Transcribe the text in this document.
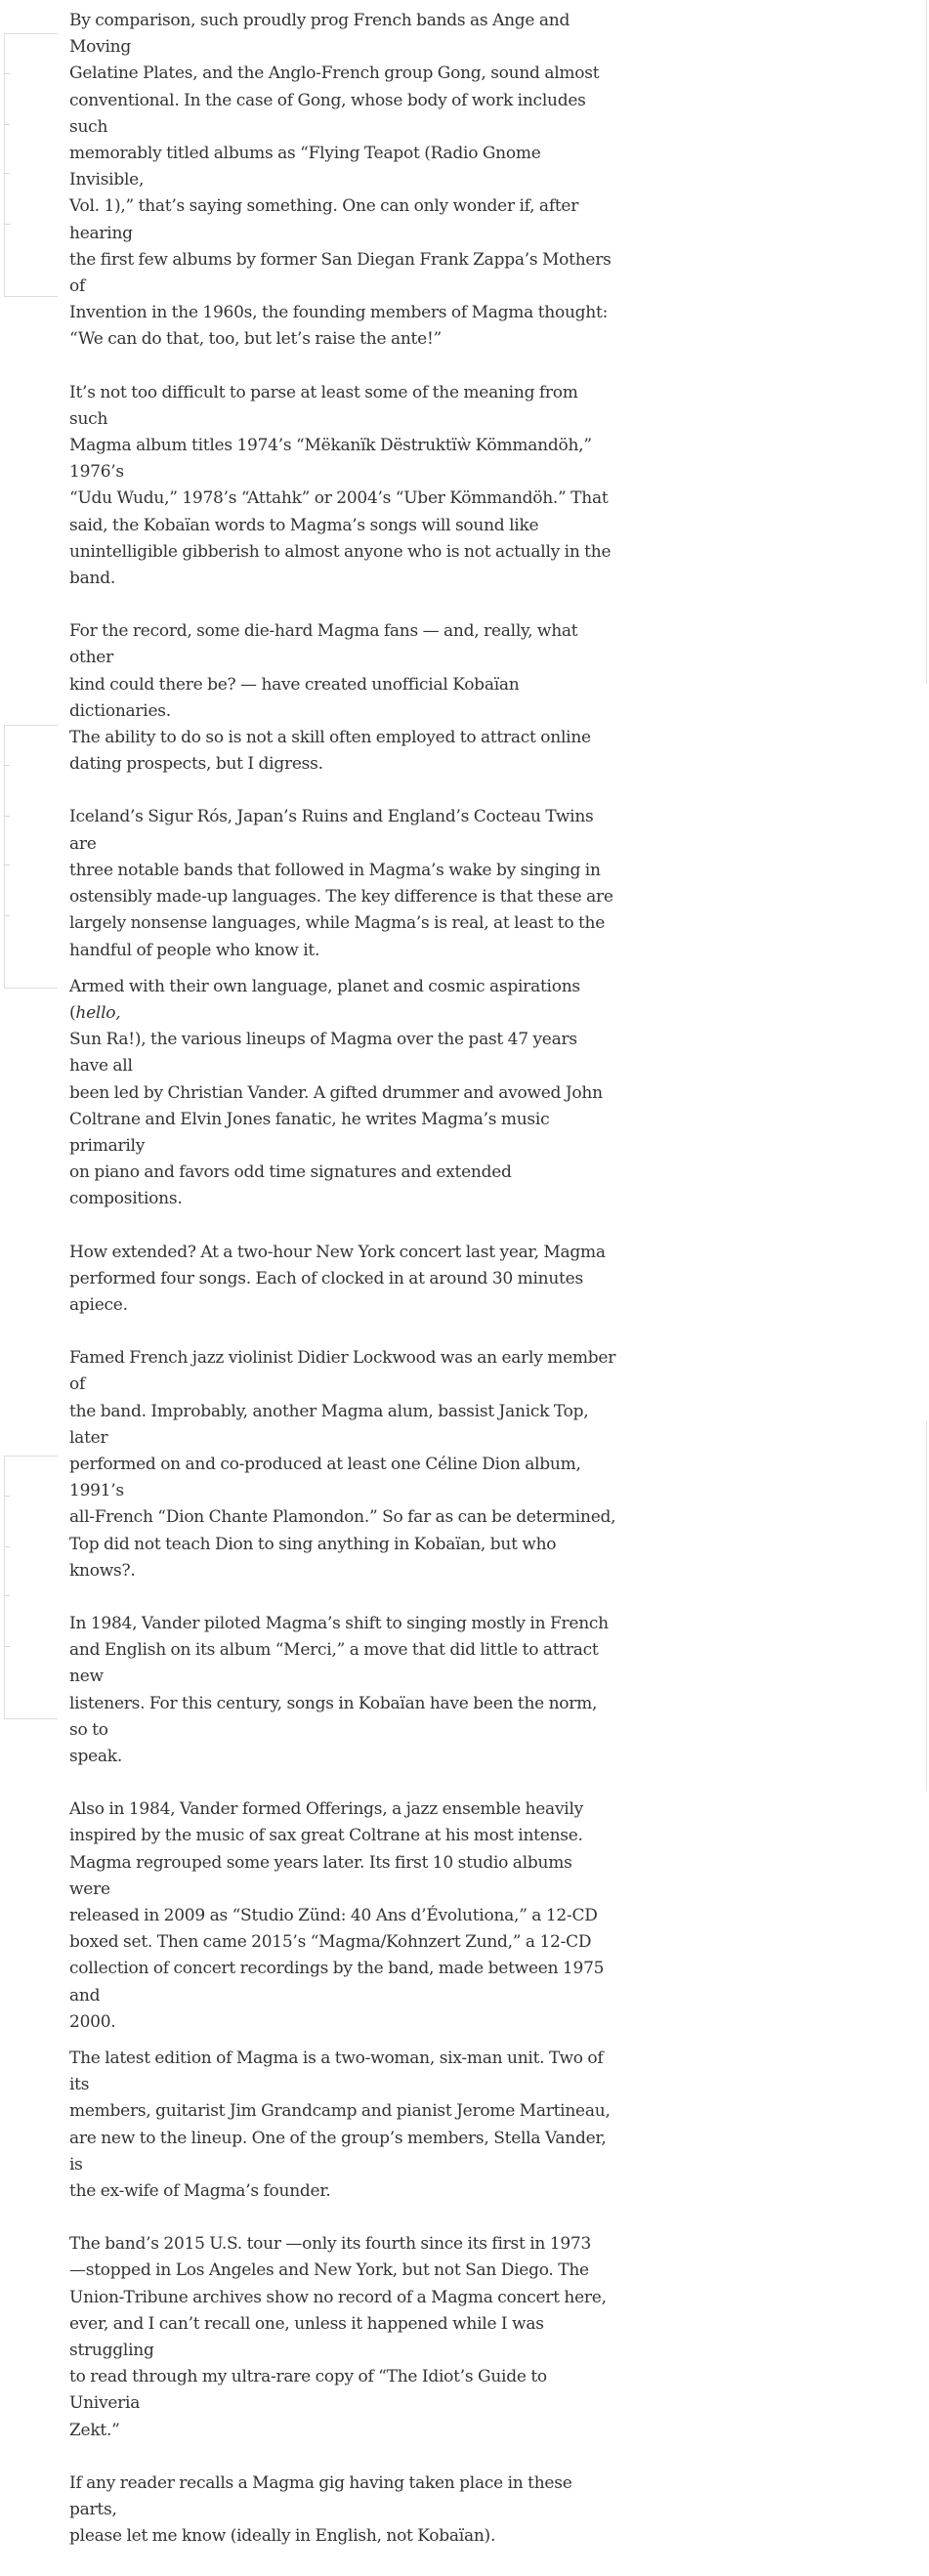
By comparison, such proudly prog French bands as Ange and Moving
Gelatine Plates, and the Anglo-French group Gong, sound almost
conventional. In the case of Gong, whose body of work includes such
memorably titled albums as “Flying Teapot (Radio Gnome Invisible,
Vol. 1),” that’s saying something. One can only wonder if, after hearing
the first few albums by former San Diegan Frank Zappa’s Mothers of
Invention in the 1960s, the founding members of Magma thought:
“We can do that, too, but let’s raise the ante!”

It’s not too difficult to parse at least some of the meaning from such
Magma album titles 1974’s “Mëkanïk Dëstruktïẁ Kömmandöh,” 1976’s
“Udu Wudu,” 1978’s “Attahk” or 2004’s “Uber Kömmandöh.” That
said, the Kobaïan words to Magma’s songs will sound like
unintelligible gibberish to almost anyone who is not actually in the
band.

For the record, some die-hard Magma fans — and, really, what other
kind could there be? — have created unofficial Kobaïan dictionaries.
The ability to do so is not a skill often employed to attract online
dating prospects, but I digress.

Iceland’s Sigur Rós, Japan’s Ruins and England’s Cocteau Twins are
three notable bands that followed in Magma’s wake by singing in
ostensibly made-up languages. The key difference is that these are
largely nonsense languages, while Magma’s is real, at least to the
handful of people who know it.

Armed with their own language, planet and cosmic aspirations (hello,
Sun Ra!), the various lineups of Magma over the past 47 years have all
been led by Christian Vander. A gifted drummer and avowed John
Coltrane and Elvin Jones fanatic, he writes Magma’s music primarily
on piano and favors odd time signatures and extended compositions.

How extended? At a two-hour New York concert last year, Magma
performed four songs. Each of clocked in at around 30 minutes
apiece.

Famed French jazz violinist Didier Lockwood was an early member of
the band. Improbably, another Magma alum, bassist Janick Top, later
performed on and co-produced at least one Céline Dion album, 1991’s
all-French “Dion Chante Plamondon.” So far as can be determined,
Top did not teach Dion to sing anything in Kobaïan, but who knows?.

In 1984, Vander piloted Magma’s shift to singing mostly in French
and English on its album “Merci,” a move that did little to attract new
listeners. For this century, songs in Kobaïan have been the norm, so to
speak.

Also in 1984, Vander formed Offerings, a jazz ensemble heavily
inspired by the music of sax great Coltrane at his most intense.
Magma regrouped some years later. Its first 10 studio albums were
released in 2009 as “Studio Zünd: 40 Ans d’Évolutiona,” a 12-CD
boxed set. Then came 2015’s “Magma/Kohnzert Zund,” a 12-CD
collection of concert recordings by the band, made between 1975 and
2000.

The latest edition of Magma is a two-woman, six-man unit. Two of its
members, guitarist Jim Grandcamp and pianist Jerome Martineau,
are new to the lineup. One of the group’s members, Stella Vander, is
the ex-wife of Magma’s founder.

The band’s 2015 U.S. tour —only its fourth since its first in 1973
—stopped in Los Angeles and New York, but not San Diego. The
Union-Tribune archives show no record of a Magma concert here,
ever, and I can’t recall one, unless it happened while I was struggling
to read through my ultra-rare copy of “The Idiot’s Guide to Univeria
Zekt.”

If any reader recalls a Magma gig having taken place in these parts,
please let me know (ideally in English, not Kobaïan).
